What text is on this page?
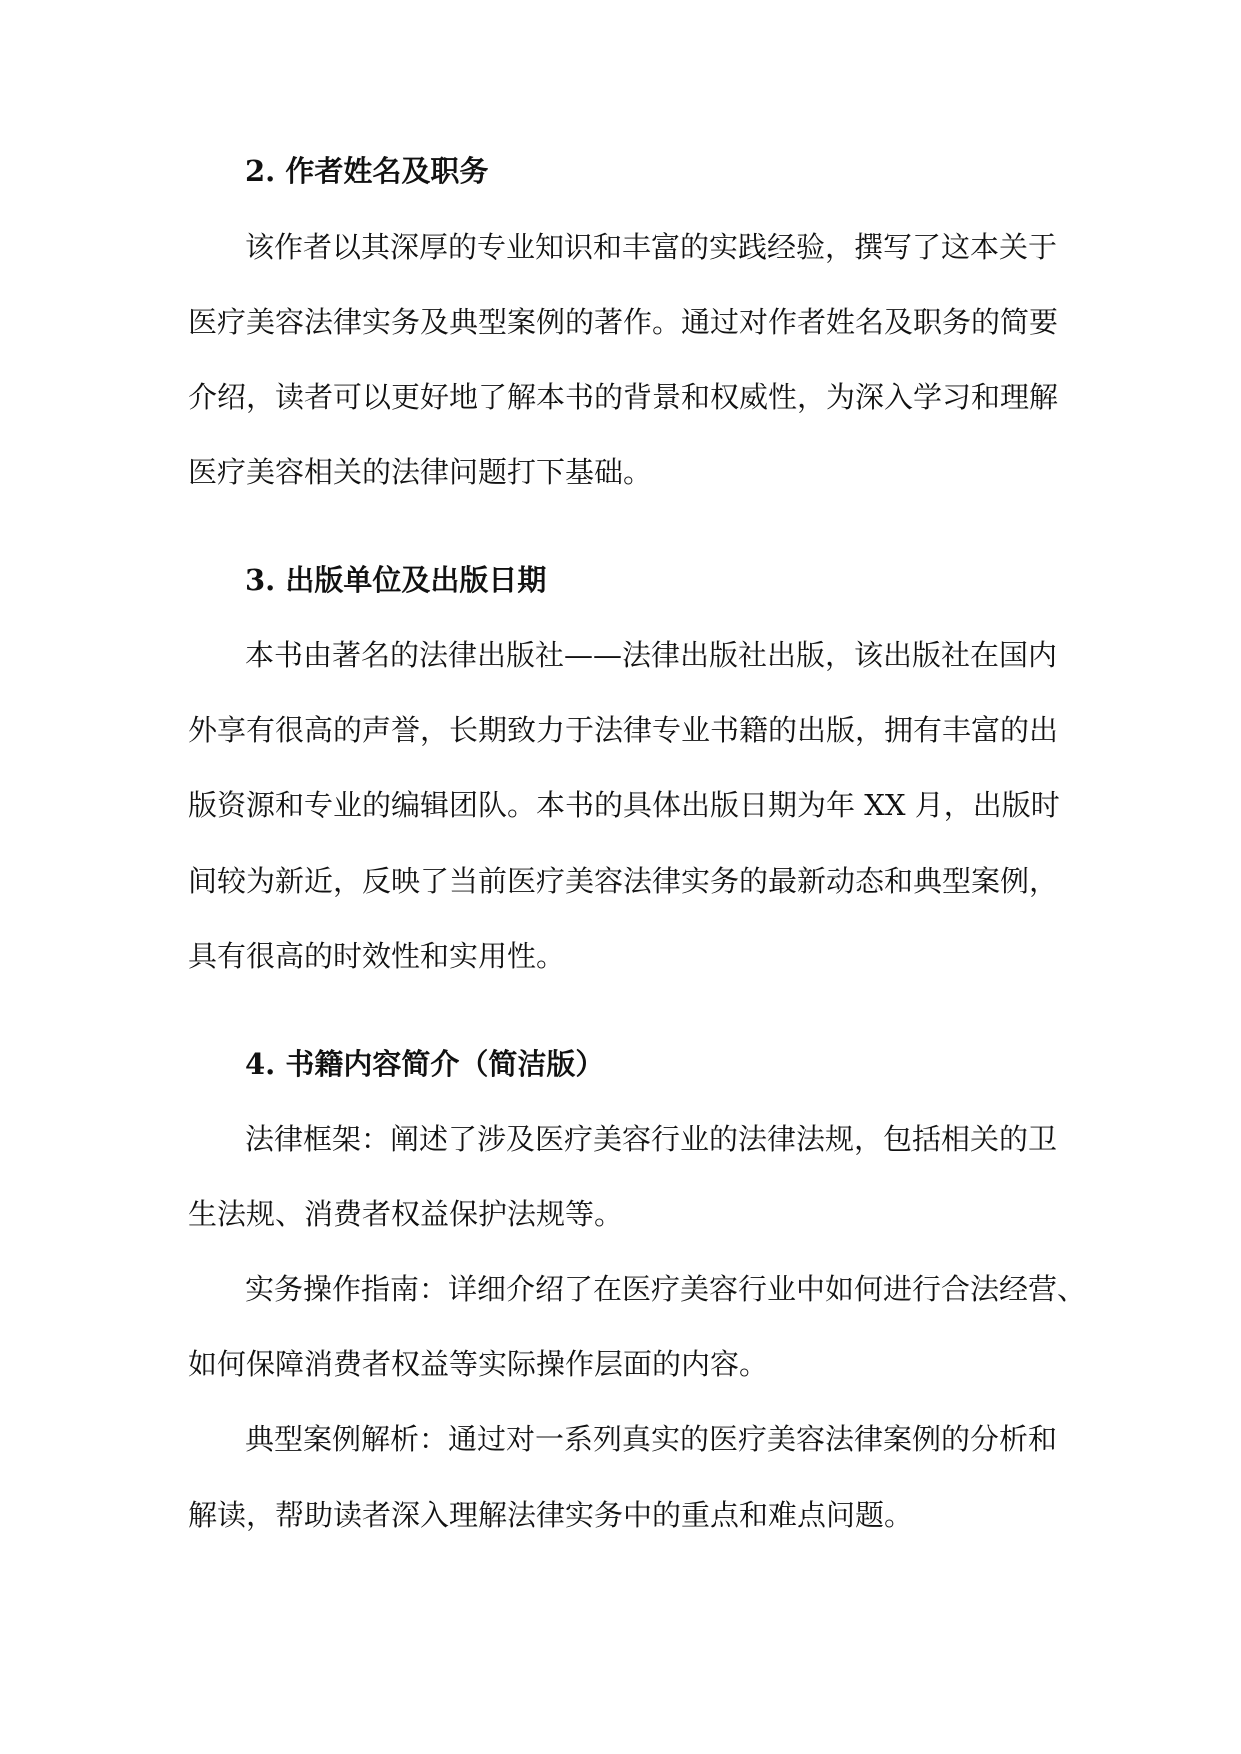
2. 作者姓名及职务
该作者以其深厚的专业知识和丰富的实践经验，撰写了这本关于
医疗美容法律实务及典型案例的著作。通过对作者姓名及职务的简要
介绍，读者可以更好地了解本书的背景和权威性，为深入学习和理解
医疗美容相关的法律问题打下基础。
3. 出版单位及出版日期
本书由著名的法律出版社——法律出版社出版，该出版社在国内
外享有很高的声誉，长期致力于法律专业书籍的出版，拥有丰富的出
版资源和专业的编辑团队。本书的具体出版日期为年 XX 月，出版时
间较为新近，反映了当前医疗美容法律实务的最新动态和典型案例，
具有很高的时效性和实用性。
4. 书籍内容简介（简洁版）
法律框架：阐述了涉及医疗美容行业的法律法规，包括相关的卫
生法规、消费者权益保护法规等。
实务操作指南：详细介绍了在医疗美容行业中如何进行合法经营、
如何保障消费者权益等实际操作层面的内容。
典型案例解析：通过对一系列真实的医疗美容法律案例的分析和
解读，帮助读者深入理解法律实务中的重点和难点问题。
